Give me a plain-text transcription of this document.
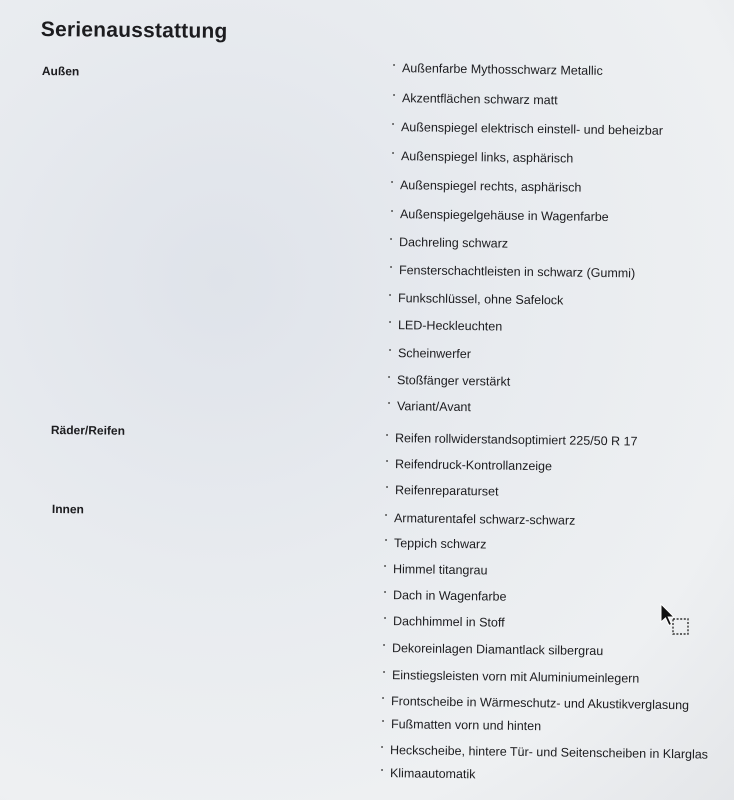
Serienausstattung
Außen
Räder/Reifen
Innen
Außenfarbe Mythosschwarz Metallic
Akzentflächen schwarz matt
Außenspiegel elektrisch einstell- und beheizbar
Außenspiegel links, asphärisch
Außenspiegel rechts, asphärisch
Außenspiegelgehäuse in Wagenfarbe
Dachreling schwarz
Fensterschachtleisten in schwarz (Gummi)
Funkschlüssel, ohne Safelock
LED-Heckleuchten
Scheinwerfer
Stoßfänger verstärkt
Variant/Avant
Reifen rollwiderstandsoptimiert 225/50 R 17
Reifendruck-Kontrollanzeige
Reifenreparaturset
Armaturentafel schwarz-schwarz
Teppich schwarz
Himmel titangrau
Dach in Wagenfarbe
Dachhimmel in Stoff
Dekoreinlagen Diamantlack silbergrau
Einstiegsleisten vorn mit Aluminiumeinlegern
Frontscheibe in Wärmeschutz- und Akustikverglasung
Fußmatten vorn und hinten
Heckscheibe, hintere Tür- und Seitenscheiben in Klarglas
Klimaautomatik
